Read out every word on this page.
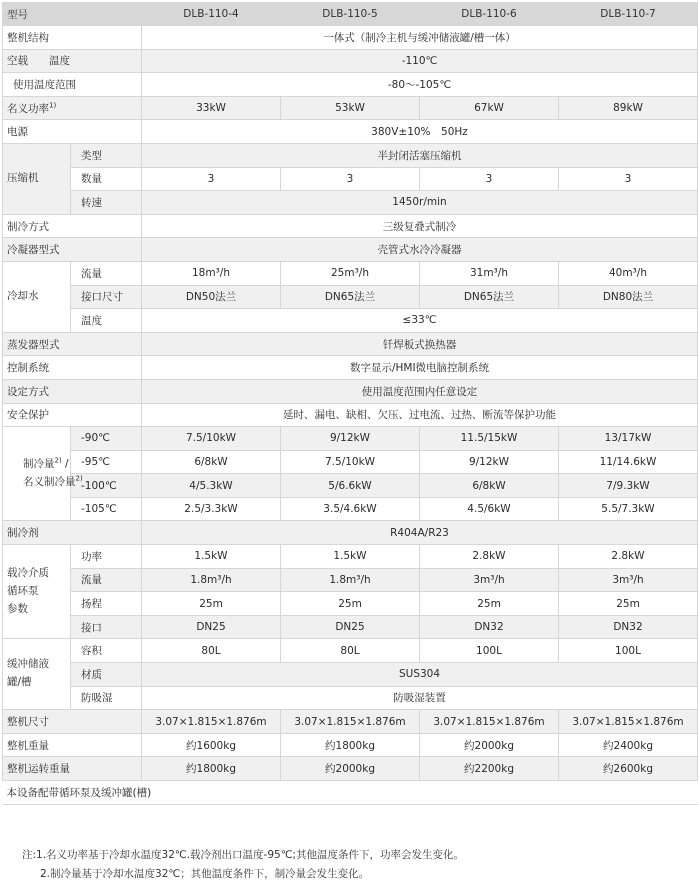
型号		DLB-110-4	DLB-110-5	DLB-110-6	DLB-110-7
整机结构		一体式（制冷主机与缓冲储液罐/槽一体）			
空载　　温度		-110℃			
使用温度范围		-80～-105℃			
名义功率$^{1)}$		33kW	53kW	67kW	89kW
电源		380V±10%　50Hz			
压缩机	类型	半封闭活塞压缩机			
	数量	3	3	3	3
	转速	1450r/min			
制冷方式		三级复叠式制冷			
冷凝器型式		壳管式水冷冷凝器			
冷却水	流量	18m³/h	25m³/h	31m³/h	40m³/h
	接口尺寸	DN50法兰	DN65法兰	DN65法兰	DN80法兰
	温度	≤33℃			
蒸发器型式		钎焊板式换热器			
控制系统		数字显示/HMI微电脑控制系统			
设定方式		使用温度范围内任意设定			
安全保护		延时、漏电、缺相、欠压、过电流、过热、断流等保护功能			

制冷量$^{2)}$ /
名义制冷量$^{2)}$	-90℃	7.5/10kW	9/12kW	11.5/15kW	13/17kW
	-95℃	6/8kW	7.5/10kW	9/12kW	11/14.6kW
	-100℃	4/5.3kW	5/6.6kW	6/8kW	7/9.3kW
	-105℃	2.5/3.3kW	3.5/4.6kW	4.5/6kW	5.5/7.3kW
制冷剂		R404A/R23			

载冷介质
循环泵
参数	功率	1.5kW	1.5kW	2.8kW	2.8kW
	流量	1.8m³/h	1.8m³/h	3m³/h	3m³/h
	扬程	25m	25m	25m	25m
	接口	DN25	DN25	DN32	DN32

缓冲储液
罐/槽	容积	80L	80L	100L	100L
	材质	SUS304			
	防吸湿	防吸湿装置			
整机尺寸		3.07×1.815×1.876m	3.07×1.815×1.876m	3.07×1.815×1.876m	3.07×1.815×1.876m
整机重量		约1600kg	约1800kg	约2000kg	约2400kg
整机运转重量		约1800kg	约2000kg	约2200kg	约2600kg
本设备配带循环泵及缓冲罐(槽)					
注:1.名义功率基于冷却水温度32℃.载冷剂出口温度-95℃;其他温度条件下，功率会发生变化。
2.制冷量基于冷却水温度32℃；其他温度条件下，制冷量会发生变化。
